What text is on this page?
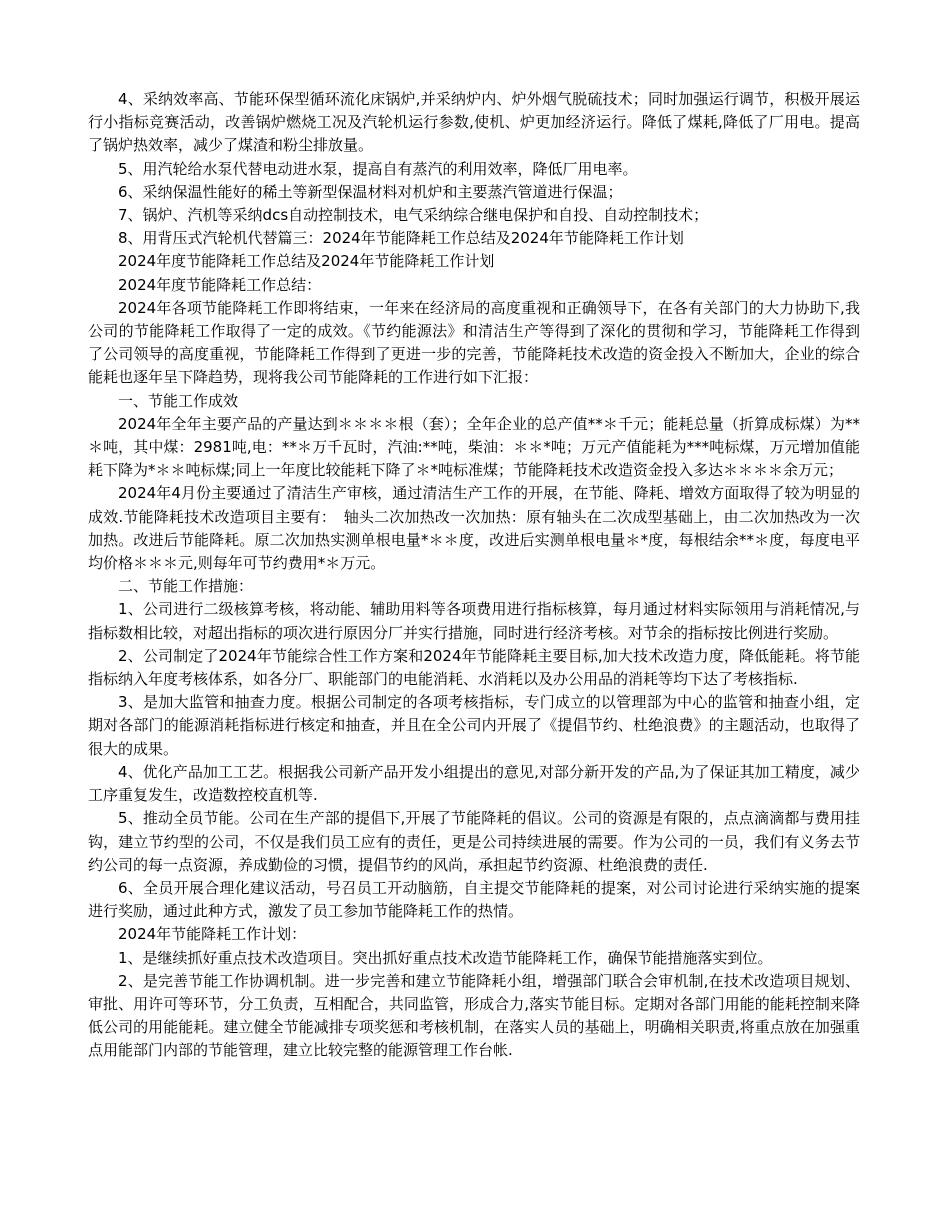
4、采纳效率高、节能环保型循环流化床锅炉,并采纳炉内、炉外烟气脱硫技术；同时加强运行调节，积极开展运行小指标竞赛活动，改善锅炉燃烧工况及汽轮机运行参数,使机、炉更加经济运行。降低了煤耗,降低了厂用电。提高了锅炉热效率，减少了煤渣和粉尘排放量。

5、用汽轮给水泵代替电动进水泵，提高自有蒸汽的利用效率，降低厂用电率。

6、采纳保温性能好的稀土等新型保温材料对机炉和主要蒸汽管道进行保温；

7、锅炉、汽机等采纳dcs自动控制技术，电气采纳综合继电保护和自投、自动控制技术；

8、用背压式汽轮机代替篇三：2024年节能降耗工作总结及2024年节能降耗工作计划

2024年度节能降耗工作总结及2024年节能降耗工作计划

2024年度节能降耗工作总结：

2024年各项节能降耗工作即将结束，一年来在经济局的高度重视和正确领导下，在各有关部门的大力协助下,我公司的节能降耗工作取得了一定的成效。《节约能源法》和清洁生产等得到了深化的贯彻和学习，节能降耗工作得到了公司领导的高度重视，节能降耗工作得到了更进一步的完善，节能降耗技术改造的资金投入不断加大，企业的综合能耗也逐年呈下降趋势，现将我公司节能降耗的工作进行如下汇报：

一、节能工作成效

2024年全年主要产品的产量达到＊＊＊＊根（套）；全年企业的总产值**＊千元；能耗总量（折算成标煤）为**＊吨，其中煤：2981吨,电：**＊万千瓦时，汽油:**吨，柴油：＊＊*吨；万元产值能耗为***吨标煤，万元增加值能耗下降为*＊＊吨标煤;同上一年度比较能耗下降了＊*吨标准煤；节能降耗技术改造资金投入多达＊＊＊＊余万元；

2024年4月份主要通过了清洁生产审核，通过清洁生产工作的开展，在节能、降耗、增效方面取得了较为明显的成效.节能降耗技术改造项目主要有：　轴头二次加热改一次加热：原有轴头在二次成型基础上，由二次加热改为一次加热。改进后节能降耗。原二次加热实测单根电量*＊＊度，改进后实测单根电量＊*度，每根结余**＊度，每度电平均价格＊＊＊元,则每年可节约费用*＊万元。

二、节能工作措施：

1、公司进行二级核算考核，将动能、辅助用料等各项费用进行指标核算，每月通过材料实际领用与消耗情况,与指标数相比较，对超出指标的项次进行原因分厂并实行措施，同时进行经济考核。对节余的指标按比例进行奖励。

2、公司制定了2024年节能综合性工作方案和2024年节能降耗主要目标,加大技术改造力度，降低能耗。将节能指标纳入年度考核体系，如各分厂、职能部门的电能消耗、水消耗以及办公用品的消耗等均下达了考核指标.

3、是加大监管和抽查力度。根据公司制定的各项考核指标，专门成立的以管理部为中心的监管和抽查小组，定期对各部门的能源消耗指标进行核定和抽查，并且在全公司内开展了《提倡节约、杜绝浪费》的主题活动，也取得了很大的成果。

4、优化产品加工工艺。根据我公司新产品开发小组提出的意见,对部分新开发的产品,为了保证其加工精度，减少工序重复发生，改造数控校直机等.

5、推动全员节能。公司在生产部的提倡下,开展了节能降耗的倡议。公司的资源是有限的，点点滴滴都与费用挂钩，建立节约型的公司，不仅是我们员工应有的责任，更是公司持续进展的需要。作为公司的一员，我们有义务去节约公司的每一点资源，养成勤俭的习惯，提倡节约的风尚，承担起节约资源、杜绝浪费的责任.

6、全员开展合理化建议活动，号召员工开动脑筋，自主提交节能降耗的提案，对公司讨论进行采纳实施的提案进行奖励，通过此种方式，激发了员工参加节能降耗工作的热情。

2024年节能降耗工作计划：

1、是继续抓好重点技术改造项目。突出抓好重点技术改造节能降耗工作，确保节能措施落实到位。

2、是完善节能工作协调机制。进一步完善和建立节能降耗小组，增强部门联合会审机制,在技术改造项目规划、审批、用许可等环节，分工负责，互相配合，共同监管，形成合力,落实节能目标。定期对各部门用能的能耗控制来降低公司的用能能耗。建立健全节能减排专项奖惩和考核机制，在落实人员的基础上，明确相关职责,将重点放在加强重点用能部门内部的节能管理，建立比较完整的能源管理工作台帐.
